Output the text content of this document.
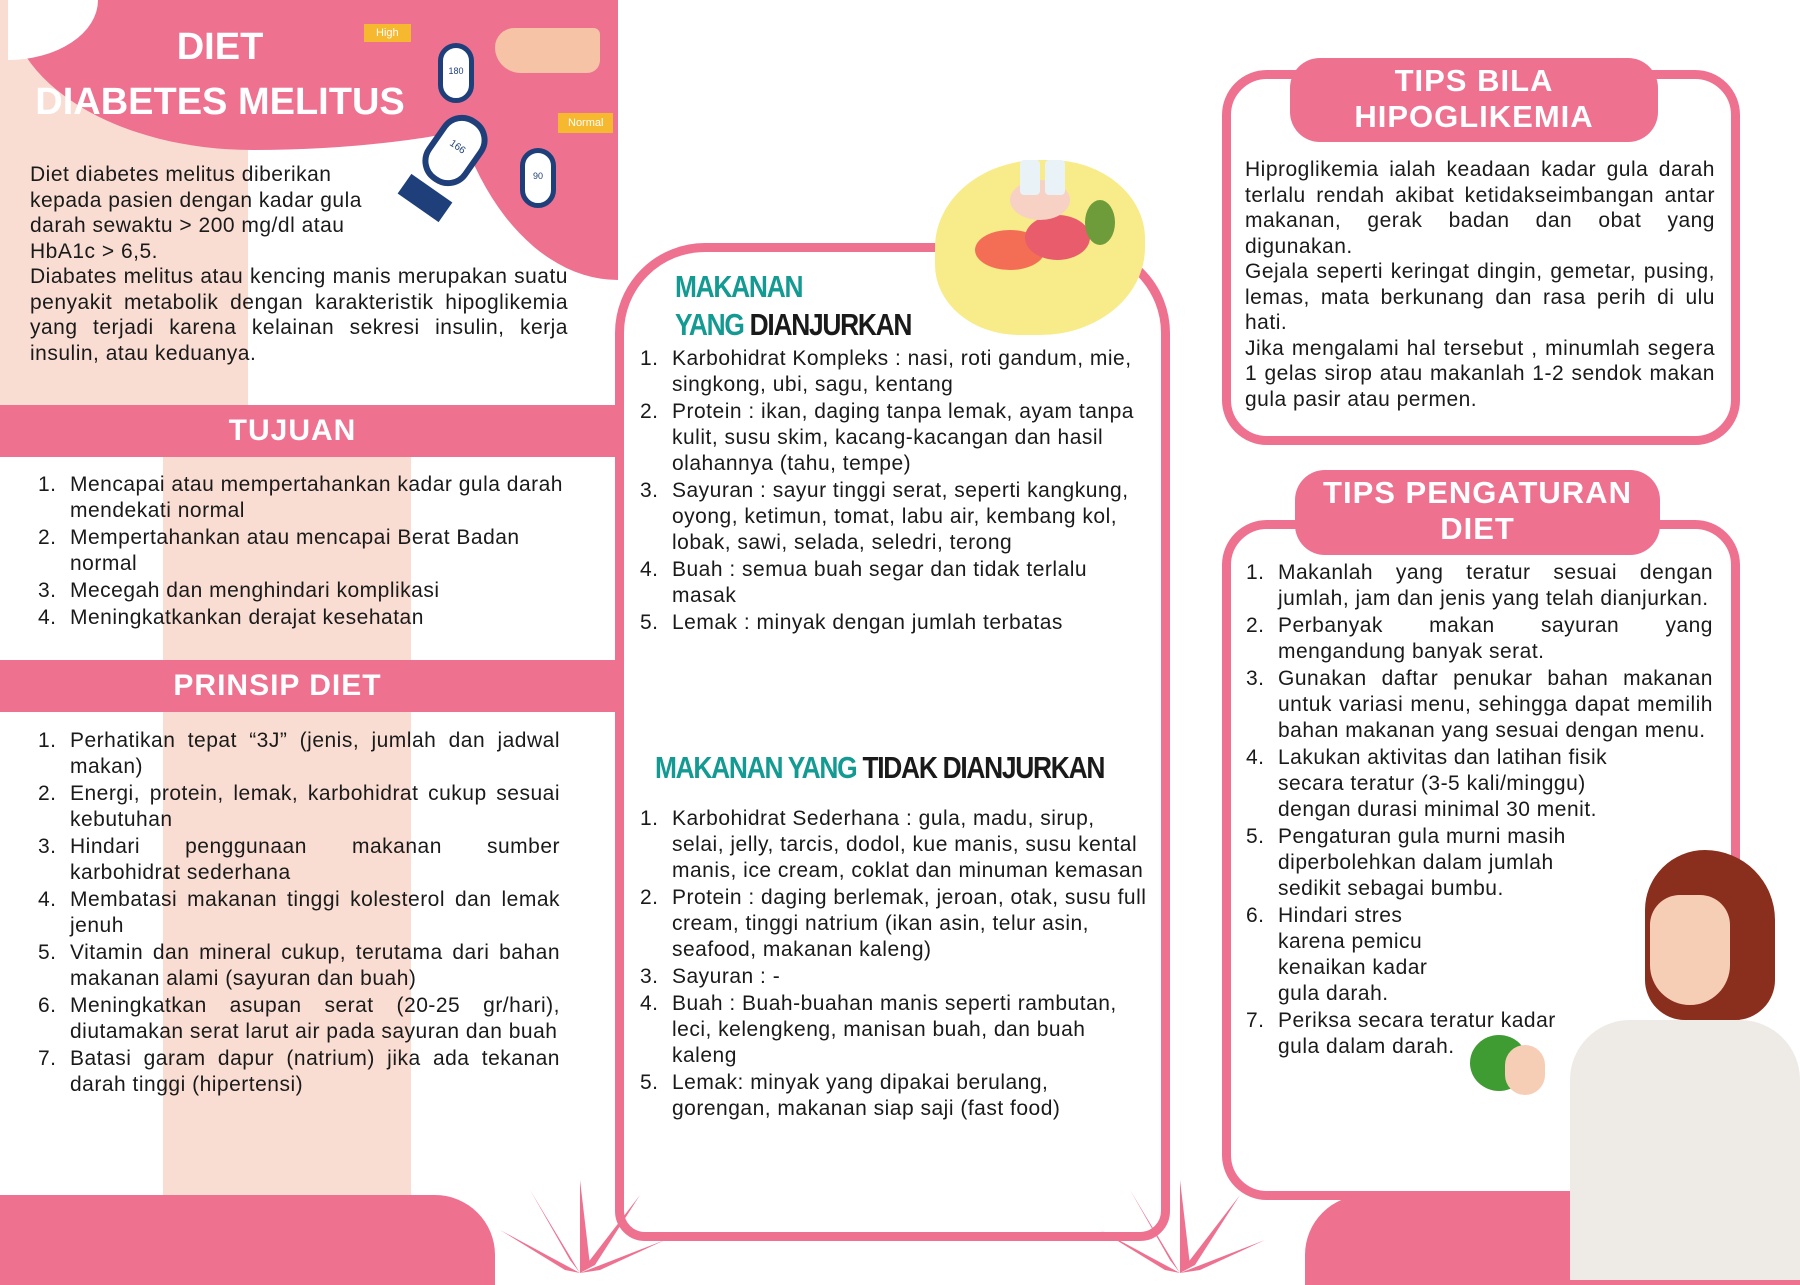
DIET
DIABETES MELITUS
High
Normal
180
166
90
Diet diabetes melitus diberikan kepada pasien dengan kadar gula darah sewaktu > 200 mg/dl atau HbA1c > 6,5.
Diabates melitus atau kencing manis merupakan suatu penyakit metabolik dengan karakteristik hipoglikemia yang terjadi karena kelainan sekresi insulin, kerja insulin, atau keduanya.
TUJUAN
1. Mencapai atau mempertahankan kadar gula darah mendekati normal
2. Mempertahankan atau mencapai Berat Badan normal
3. Mecegah dan menghindari komplikasi
4. Meningkatkankan derajat kesehatan
PRINSIP DIET
1. Perhatikan tepat “3J” (jenis, jumlah dan jadwal makan)
2. Energi, protein, lemak, karbohidrat cukup sesuai kebutuhan
3. Hindari penggunaan makanan sumber karbohidrat sederhana
4. Membatasi makanan tinggi kolesterol dan lemak jenuh
5. Vitamin dan mineral cukup, terutama dari bahan makanan alami (sayuran dan buah)
6. Meningkatkan asupan serat (20-25 gr/hari), diutamakan serat larut air pada sayuran dan buah
7. Batasi garam dapur (natrium) jika ada tekanan darah tinggi (hipertensi)
MAKANAN
YANG DIANJURKAN
1. Karbohidrat Kompleks : nasi, roti gandum, mie, singkong, ubi, sagu, kentang
2. Protein : ikan, daging tanpa lemak, ayam tanpa kulit, susu skim, kacang-kacangan dan hasil olahannya (tahu, tempe)
3. Sayuran : sayur tinggi serat, seperti kangkung, oyong, ketimun, tomat, labu air, kembang kol, lobak, sawi, selada, seledri, terong
4. Buah : semua buah segar dan tidak terlalu masak
5. Lemak : minyak dengan jumlah terbatas
MAKANAN YANG TIDAK DIANJURKAN
1. Karbohidrat Sederhana : gula, madu, sirup, selai, jelly, tarcis, dodol, kue manis, susu kental manis, ice cream, coklat dan minuman kemasan
2. Protein : daging berlemak, jeroan, otak, susu full cream, tinggi natrium (ikan asin, telur asin, seafood, makanan kaleng)
3. Sayuran : -
4. Buah : Buah-buahan manis seperti rambutan, leci, kelengkeng, manisan buah, dan buah kaleng
5. Lemak: minyak yang dipakai berulang, gorengan, makanan siap saji (fast food)
TIPS BILA
HIPOGLIKEMIA
Hiproglikemia ialah keadaan kadar gula darah terlalu rendah akibat ketidakseimbangan antar makanan, gerak badan dan obat yang digunakan.
Gejala seperti keringat dingin, gemetar, pusing, lemas, mata berkunang dan rasa perih di ulu hati.
Jika mengalami hal tersebut , minumlah segera 1 gelas sirop atau makanlah 1-2 sendok makan gula pasir atau permen.
TIPS PENGATURAN
DIET
1. Makanlah yang teratur sesuai dengan jumlah, jam dan jenis yang telah dianjurkan.
2. Perbanyak makan sayuran yang mengandung banyak serat.
3. Gunakan daftar penukar bahan makanan untuk variasi menu, sehingga dapat memilih bahan makanan yang sesuai dengan menu.
4. Lakukan aktivitas dan latihan fisik secara teratur (3-5 kali/minggu) dengan durasi minimal 30 menit.
5. Pengaturan gula murni masih diperbolehkan dalam jumlah sedikit sebagai bumbu.
6. Hindari stres karena pemicu kenaikan kadar gula darah.
7. Periksa secara teratur kadar gula dalam darah.
